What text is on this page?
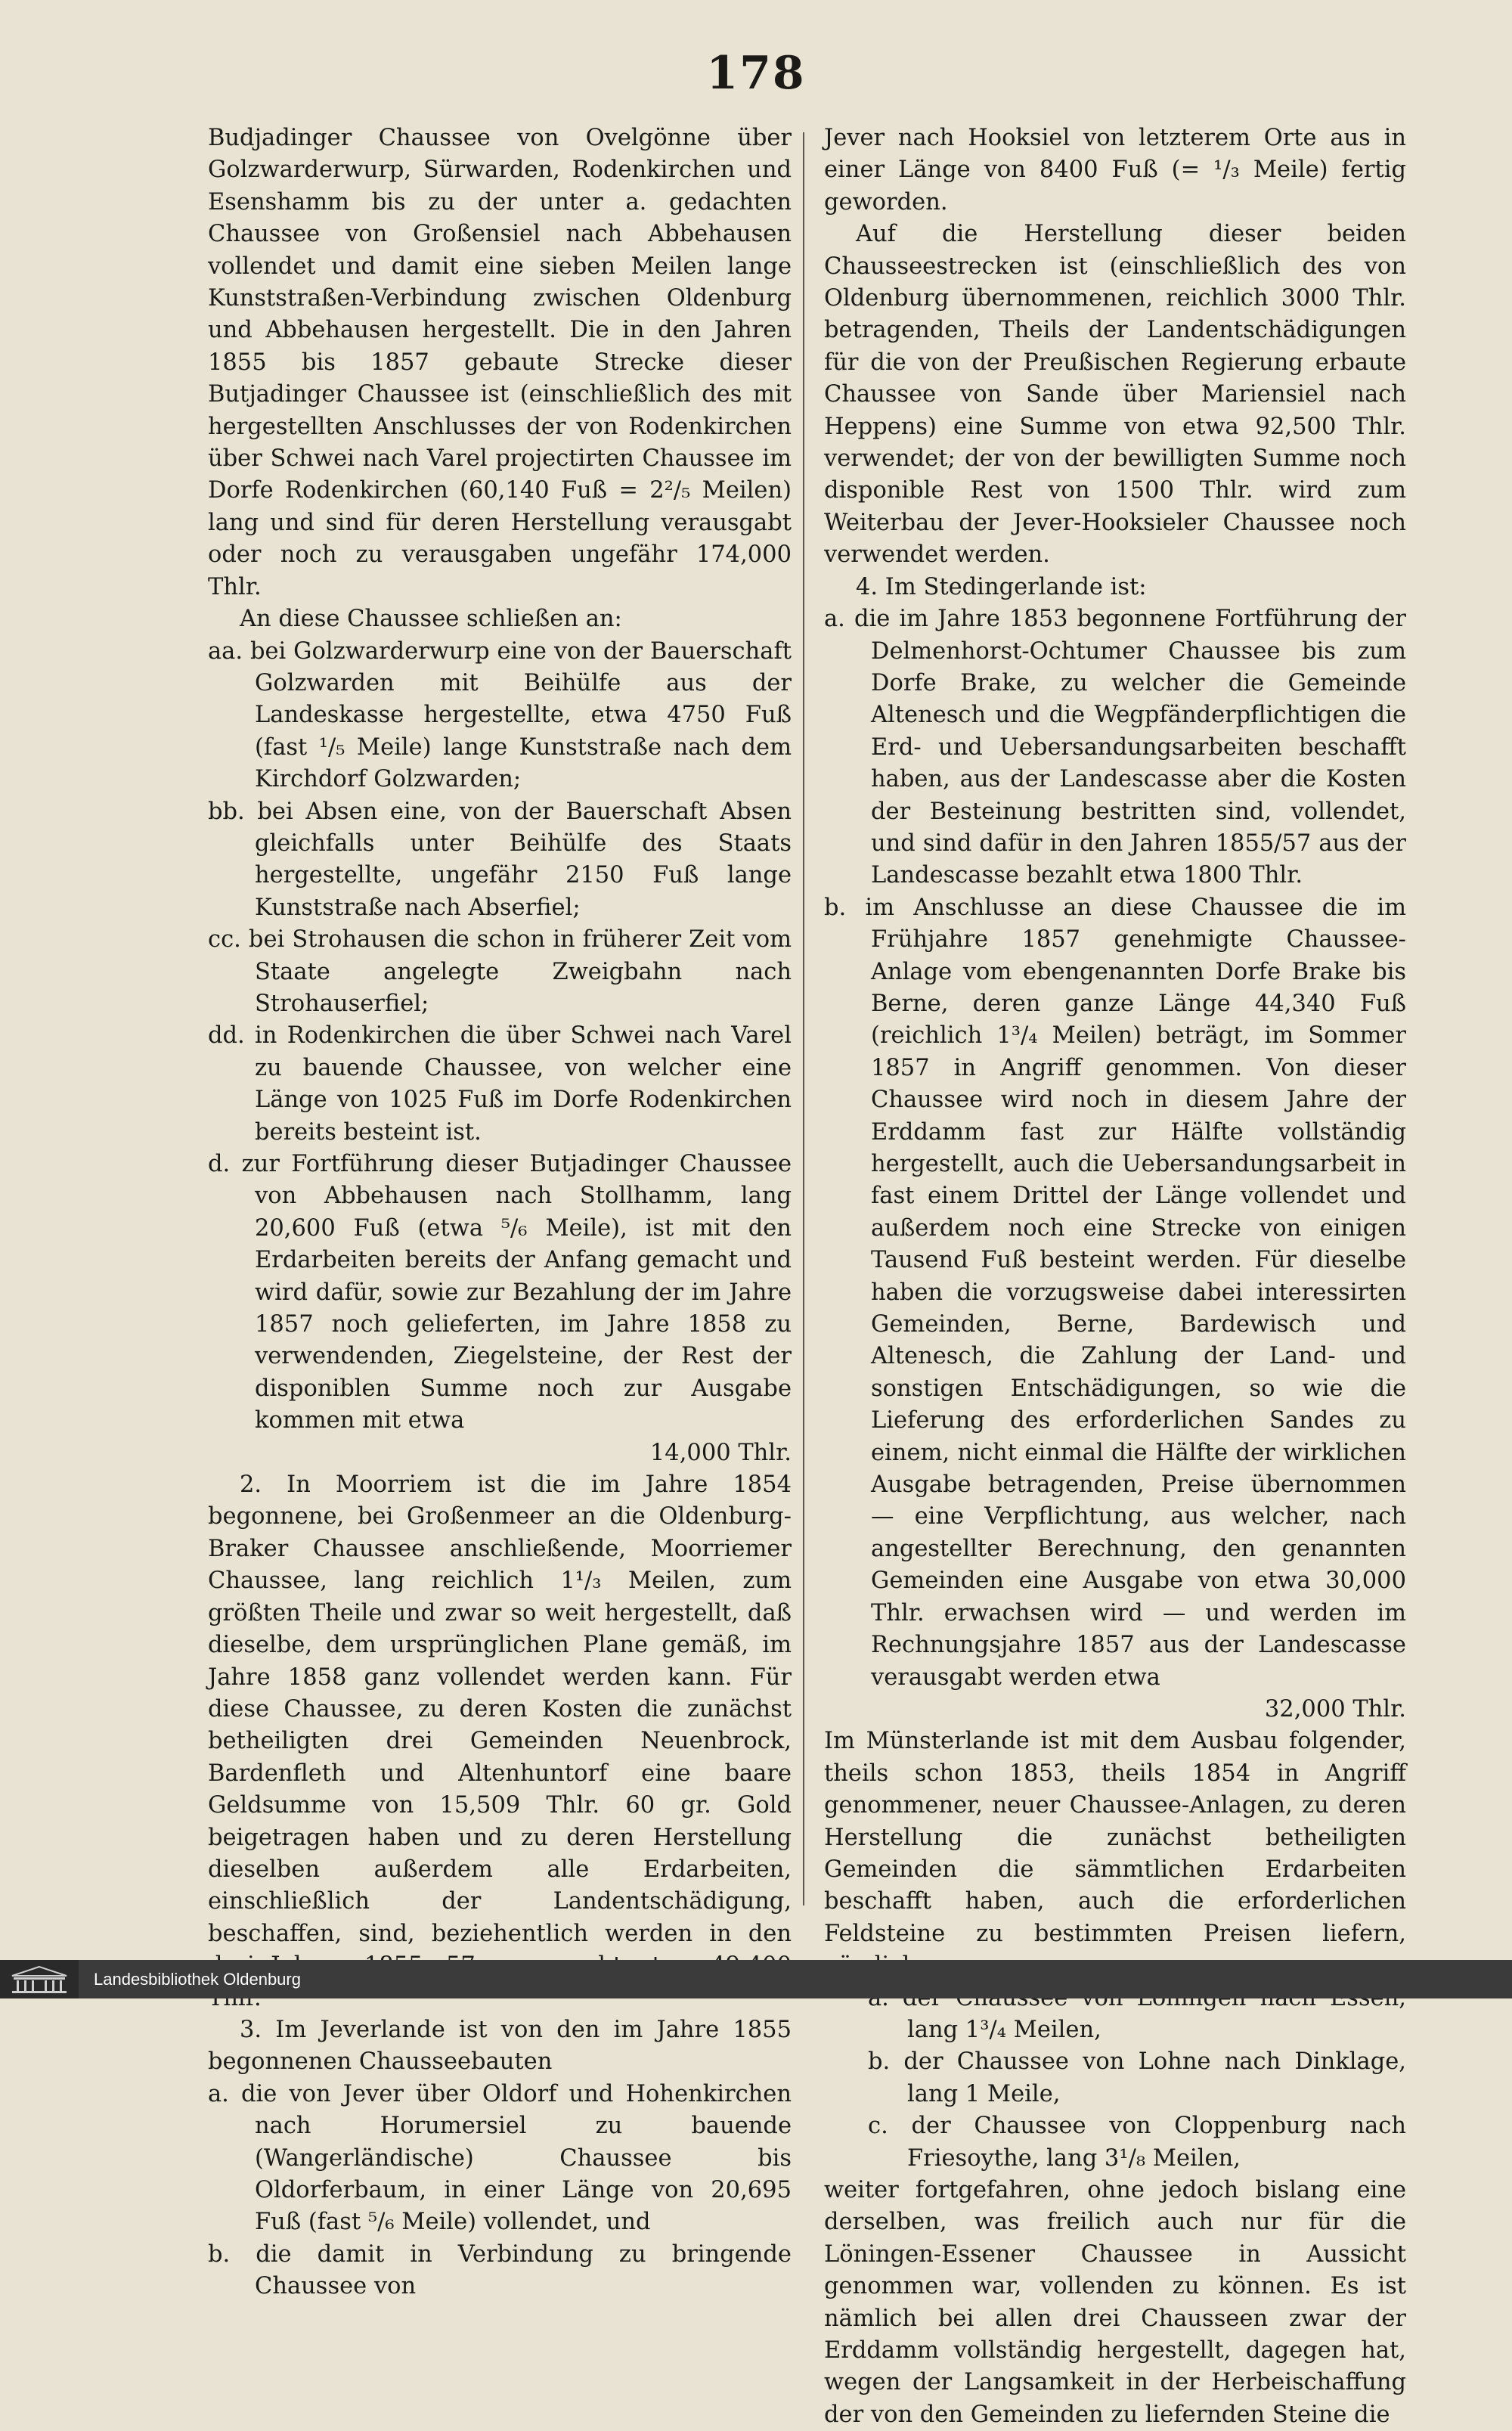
178

Budjadinger Chaussee von Ovelgönne über Golzwarderwurp, Sürwarden, Rodenkirchen und Esenshamm bis zu der unter a. gedachten Chaussee von Großensiel nach Abbehausen vollendet und damit eine sieben Meilen lange Kunststraßen-Verbindung zwischen Oldenburg und Abbehausen hergestellt. Die in den Jahren 1855 bis 1857 gebaute Strecke dieser Butjadinger Chaussee ist (einschließlich des mit hergestellten Anschlusses der von Rodenkirchen über Schwei nach Varel projectirten Chaussee im Dorfe Rodenkirchen (60,140 Fuß = 2²/₅ Meilen) lang und sind für deren Herstellung verausgabt oder noch zu verausgaben ungefähr 174,000 Thlr.

An diese Chaussee schließen an:

aa. bei Golzwarderwurp eine von der Bauerschaft Golzwarden mit Beihülfe aus der Landeskasse hergestellte, etwa 4750 Fuß (fast ¹/₅ Meile) lange Kunststraße nach dem Kirchdorf Golzwarden;

bb. bei Absen eine, von der Bauerschaft Absen gleichfalls unter Beihülfe des Staats hergestellte, ungefähr 2150 Fuß lange Kunststraße nach Abserfiel;

cc. bei Strohausen die schon in früherer Zeit vom Staate angelegte Zweigbahn nach Strohauserfiel;

dd. in Rodenkirchen die über Schwei nach Varel zu bauende Chaussee, von welcher eine Länge von 1025 Fuß im Dorfe Rodenkirchen bereits besteint ist.

d. zur Fortführung dieser Butjadinger Chaussee von Abbehausen nach Stollhamm, lang 20,600 Fuß (etwa ⁵/₆ Meile), ist mit den Erdarbeiten bereits der Anfang gemacht und wird dafür, sowie zur Bezahlung der im Jahre 1857 noch gelieferten, im Jahre 1858 zu verwendenden, Ziegelsteine, der Rest der disponiblen Summe noch zur Ausgabe kommen mit etwa

14,000 Thlr.

2. In Moorriem ist die im Jahre 1854 begonnene, bei Großenmeer an die Oldenburg-Braker Chaussee anschließende, Moorriemer Chaussee, lang reichlich 1¹/₃ Meilen, zum größten Theile und zwar so weit hergestellt, daß dieselbe, dem ursprünglichen Plane gemäß, im Jahre 1858 ganz vollendet werden kann. Für diese Chaussee, zu deren Kosten die zunächst betheiligten drei Gemeinden Neuenbrock, Bardenfleth und Altenhuntorf eine baare Geldsumme von 15,509 Thlr. 60 gr. Gold beigetragen haben und zu deren Herstellung dieselben außerdem alle Erdarbeiten, einschließlich der Landentschädigung, beschaffen, sind, beziehentlich werden in den

3. Im Jeverlande ist von den im Jahre 1855 begonnenen Chausseebauten

a. die von Jever über Oldorf und Hohenkirchen nach Horumersiel zu bauende (Wangerländische) Chaussee bis Oldorferbaum, in einer Länge von 20,695 Fuß (fast ⁵/₆ Meile) vollendet, und

b. die damit in Verbindung zu bringende Chaussee von

Jever nach Hooksiel von letzterem Orte aus in einer Länge von 8400 Fuß (= ¹/₃ Meile) fertig geworden.

Auf die Herstellung dieser beiden Chausseestrecken ist (einschließlich des von Oldenburg übernommenen, reichlich 3000 Thlr. betragenden, Theils der Landentschädigungen für die von der Preußischen Regierung erbaute Chaussee von Sande über Mariensiel nach Heppens) eine Summe von etwa 92,500 Thlr. verwendet; der von der bewilligten Summe noch disponible Rest von 1500 Thlr. wird zum Weiterbau der Jever-Hooksieler Chaussee noch verwendet werden.

4. Im Stedingerlande ist:

a. die im Jahre 1853 begonnene Fortführung der Delmenhorst-Ochtumer Chaussee bis zum Dorfe Brake, zu welcher die Gemeinde Altenesch und die Wegpfänderpflichtigen die Erd- und Uebersandungsarbeiten beschafft haben, aus der Landescasse aber die Kosten der Besteinung bestritten sind, vollendet, und sind dafür in den Jahren 1855/57 aus der Landescasse bezahlt etwa 1800 Thlr.

b. im Anschlusse an diese Chaussee die im Frühjahre 1857 genehmigte Chaussee-Anlage vom ebengenannten Dorfe Brake bis Berne, deren ganze Länge 44,340 Fuß (reichlich 1³/₄ Meilen) beträgt, im Sommer 1857 in Angriff genommen. Von dieser Chaussee wird noch in diesem Jahre der Erddamm fast zur Hälfte vollständig hergestellt, auch die Uebersandungsarbeit in fast einem Drittel der Länge vollendet und außerdem noch eine Strecke von einigen Tausend Fuß besteint werden. Für dieselbe haben die vorzugsweise dabei interessirten Gemeinden, Berne, Bardewisch und Altenesch, die Zahlung der Land- und sonstigen Entschädigungen, so wie die Lieferung des erforderlichen Sandes zu einem, nicht einmal die Hälfte der wirklichen Ausgabe betragenden, Preise übernommen — eine Verpflichtung, aus welcher, nach angestellter Berechnung, den genannten Gemeinden eine Ausgabe von etwa 30,000 Thlr. erwachsen wird — und werden im Rechnungsjahre 1857 aus der Landescasse verausgabt werden etwa

32,000 Thlr.

Im Münsterlande ist mit dem Ausbau folgender, theils schon 1853, theils 1854 in Angriff genommener, neuer Chaussee-Anlagen, zu deren Herstellung die zunächst betheiligten Gemeinden die sämmtlichen Erdarbeiten beschafft haben, auch die erforderlichen Feldsteine zu bestimmten Preisen liefern,

lang 1³/₄ Meilen,

b. der Chaussee von Lohne nach Dinklage, lang 1 Meile,

c. der Chaussee von Cloppenburg nach Friesoythe, lang 3¹/₈ Meilen,

weiter fortgefahren, ohne jedoch bislang eine derselben, was freilich auch nur für die Löningen-Essener Chaussee in Aussicht genommen war, vollenden zu können. Es ist nämlich bei allen drei Chausseen zwar der Erddamm vollständig hergestellt, dagegen hat, wegen der Langsamkeit in der Herbeischaffung der von den Gemeinden zu liefernden Steine die

Landesbibliothek Oldenburg
